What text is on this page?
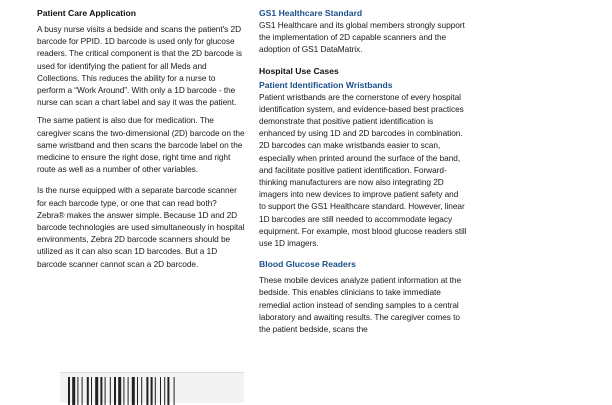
Patient Care Application

A busy nurse visits a bedside and scans the patient's 2D barcode for PPID. 1D barcode is used only for glucose readers. The critical component is that the 2D barcode is used for identifying the patient for all Meds and Collections. This reduces the ability for a nurse to perform a “Work Around”. With only a 1D barcode - the nurse can scan a chart label and say it was the patient.

The same patient is also due for medication. The caregiver scans the two-dimensional (2D) barcode on the same wristband and then scans the barcode label on the medicine to ensure the right dose, right time and right route as well as a number of other variables.

Is the nurse equipped with a separate barcode scanner for each barcode type, or one that can read both? Zebra® makes the answer simple. Because 1D and 2D barcode technologies are used simultaneously in hospital environments, Zebra 2D barcode scanners should be utilized as it can also scan 1D barcodes. But a 1D barcode scanner cannot scan a 2D barcode.

GS1 Healthcare Standard

GS1 Healthcare and its global members strongly support the implementation of 2D capable scanners and the adoption of GS1 DataMatrix.

Hospital Use Cases

Patient Identification Wristbands

Patient wristbands are the cornerstone of every hospital identification system, and evidence-based best practices demonstrate that positive patient identification is enhanced by using 1D and 2D barcodes in combination. 2D barcodes can make wristbands easier to scan, especially when printed around the surface of the band, and facilitate positive patient identification. Forward-thinking manufacturers are now also integrating 2D imagers into new devices to improve patient safety and to support the GS1 Healthcare standard. However, linear 1D barcodes are still needed to accommodate legacy equipment. For example, most blood glucose readers still use 1D imagers.

Blood Glucose Readers

These mobile devices analyze patient information at the bedside. This enables clinicians to take immediate remedial action instead of sending samples to a central laboratory and awaiting results. The caregiver comes to the patient bedside, scans the
